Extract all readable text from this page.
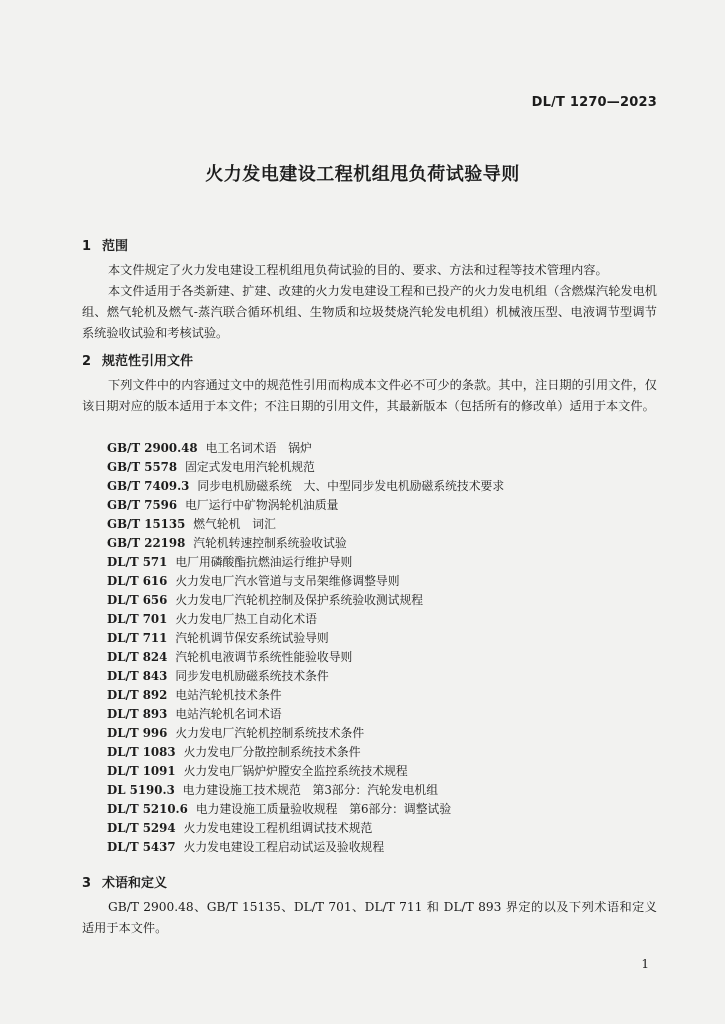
DL/T 1270—2023
火力发电建设工程机组甩负荷试验导则
1 范围

本文件规定了火力发电建设工程机组甩负荷试验的目的、要求、方法和过程等技术管理内容。

本文件适用于各类新建、扩建、改建的火力发电建设工程和已投产的火力发电机组（含燃煤汽轮发电机组、燃气轮机及燃气-蒸汽联合循环机组、生物质和垃圾焚烧汽轮发电机组）机械液压型、电液调节型调节系统验收试验和考核试验。

2 规范性引用文件

下列文件中的内容通过文中的规范性引用而构成本文件必不可少的条款。其中，注日期的引用文件，仅该日期对应的版本适用于本文件；不注日期的引用文件，其最新版本（包括所有的修改单）适用于本文件。

GB/T 2900.48 电工名词术语　锅炉
GB/T 5578 固定式发电用汽轮机规范
GB/T 7409.3 同步电机励磁系统　大、中型同步发电机励磁系统技术要求
GB/T 7596 电厂运行中矿物涡轮机油质量
GB/T 15135 燃气轮机　词汇
GB/T 22198 汽轮机转速控制系统验收试验
DL/T 571 电厂用磷酸酯抗燃油运行维护导则
DL/T 616 火力发电厂汽水管道与支吊架维修调整导则
DL/T 656 火力发电厂汽轮机控制及保护系统验收测试规程
DL/T 701 火力发电厂热工自动化术语
DL/T 711 汽轮机调节保安系统试验导则
DL/T 824 汽轮机电液调节系统性能验收导则
DL/T 843 同步发电机励磁系统技术条件
DL/T 892 电站汽轮机技术条件
DL/T 893 电站汽轮机名词术语
DL/T 996 火力发电厂汽轮机控制系统技术条件
DL/T 1083 火力发电厂分散控制系统技术条件
DL/T 1091 火力发电厂锅炉炉膛安全监控系统技术规程
DL 5190.3 电力建设施工技术规范　第3部分：汽轮发电机组
DL/T 5210.6 电力建设施工质量验收规程　第6部分：调整试验
DL/T 5294 火力发电建设工程机组调试技术规范
DL/T 5437 火力发电建设工程启动试运及验收规程
3 术语和定义

GB/T 2900.48、GB/T 15135、DL/T 701、DL/T 711 和 DL/T 893 界定的以及下列术语和定义适用于本文件。

1
